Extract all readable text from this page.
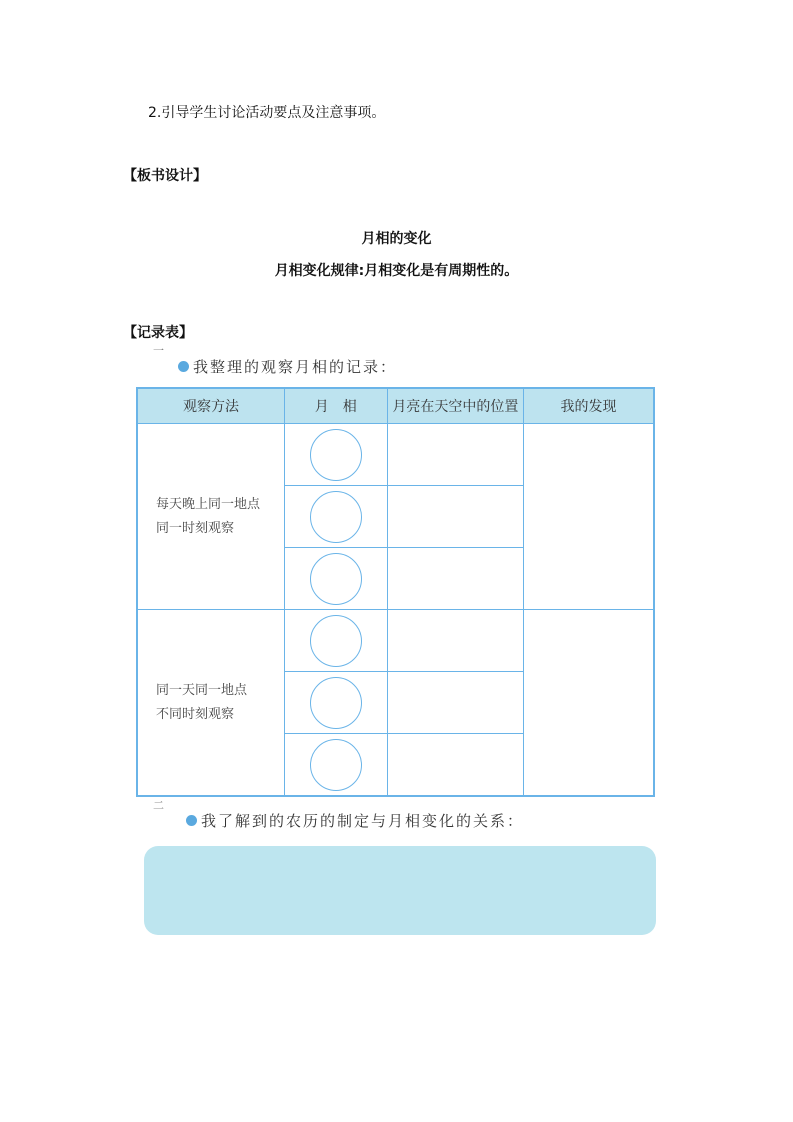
2.引导学生讨论活动要点及注意事项。
【板书设计】
月相的变化
月相变化规律:月相变化是有周期性的。
【记录表】
一
我整理的观察月相的记录：
观察方法	月　相	月亮在天空中的位置	我的发现
每天晚上同一地点
同一时刻观察	

同一天同一地点
不同时刻观察	

二
我了解到的农历的制定与月相变化的关系：
